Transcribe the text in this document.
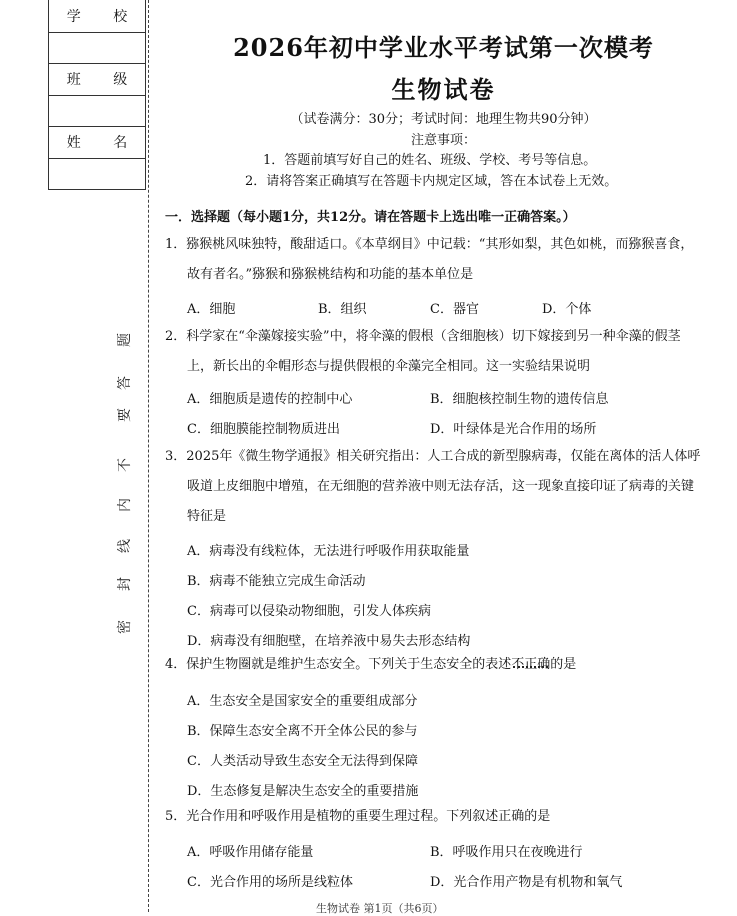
学 校
班 级
姓 名
题
答
要
不
内
线
封
密
2026年初中学业水平考试第一次模考
生物试卷
（试卷满分：30分；考试时间：地理生物共90分钟）
注意事项：
1．答题前填写好自己的姓名、班级、学校、考号等信息。
2．请将答案正确填写在答题卡内规定区域，答在本试卷上无效。
一．选择题（每小题1分，共12分。请在答题卡上选出唯一正确答案。）
1．猕猴桃风味独特，酸甜适口。《本草纲目》中记载：“其形如梨，其色如桃，而猕猴喜食，
故有者名。”猕猴和猕猴桃结构和功能的基本单位是
A．细胞	B．组织	C．器官	D．个体
2．科学家在“伞藻嫁接实验”中，将伞藻的假根（含细胞核）切下嫁接到另一种伞藻的假茎
上，新长出的伞帽形态与提供假根的伞藻完全相同。这一实验结果说明
A．细胞质是遗传的控制中心	B．细胞核控制生物的遗传信息
C．细胞膜能控制物质进出	D．叶绿体是光合作用的场所
3．2025年《微生物学通报》相关研究指出：人工合成的新型腺病毒，仅能在离体的活人体呼
吸道上皮细胞中增殖，在无细胞的营养液中则无法存活，这一现象直接印证了病毒的关键
特征是
A．病毒没有线粒体，无法进行呼吸作用获取能量
B．病毒不能独立完成生命活动
C．病毒可以侵染动物细胞，引发人体疾病
D．病毒没有细胞壁，在培养液中易失去形态结构
4．保护生物圈就是维护生态安全。下列关于生态安全的表述不正确的是
A．生态安全是国家安全的重要组成部分
B．保障生态安全离不开全体公民的参与
C．人类活动导致生态安全无法得到保障
D．生态修复是解决生态安全的重要措施
5．光合作用和呼吸作用是植物的重要生理过程。下列叙述正确的是
A．呼吸作用储存能量	B．呼吸作用只在夜晚进行
C．光合作用的场所是线粒体	D．光合作用产物是有机物和氧气
生物试卷 第1页（共6页）
